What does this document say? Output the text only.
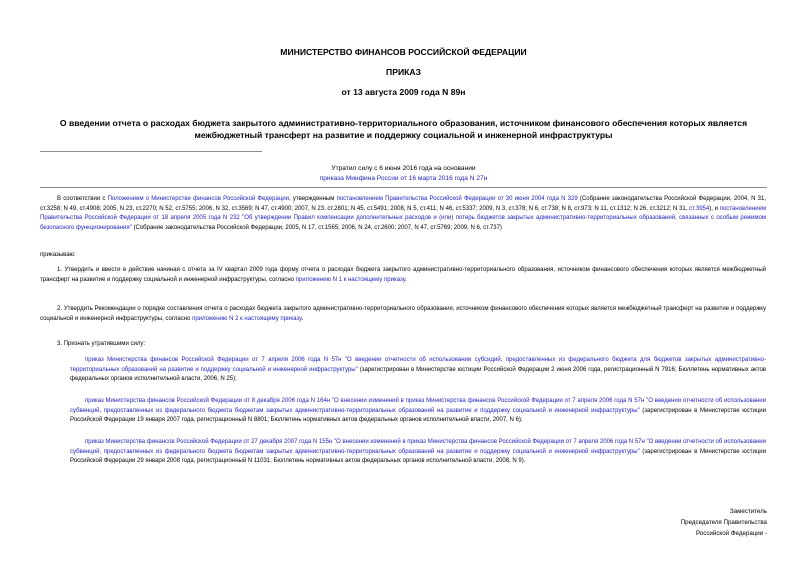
МИНИСТЕРСТВО ФИНАНСОВ РОССИЙСКОЙ ФЕДЕРАЦИИ
ПРИКАЗ
от 13 августа 2009 года N 89н
О введении отчета о расходах бюджета закрытого административно-территориального образования, источником финансового обеспечения которых является
межбюджетный трансферт на развитие и поддержку социальной и инженерной инфраструктуры
Утратил силу с 6 июня 2016 года на основании
приказа Минфина России от 16 марта 2016 года N 27н
В соответствии с Положением о Министерстве финансов Российской Федерации, утвержденным постановлением Правительства Российской Федерации от 30 июня 2004 года N 329 (Собрание законодательства Российской Федерации, 2004, N 31, ст.3258; N 49, ст.4908; 2005, N 23, ст.2270; N 52, ст.5755; 2006, N 32, ст.3569; N 47, ст.4900; 2007, N 23, ст.2801; N 45, ст.5491; 2008, N 5, ст.411; N 46, ст.5337; 2009, N 3, ст.378; N 6, ст.738; N 8, ст.973; N 11, ст.1312; N 26, ст.3212; N 31, ст.3954), и постановлением Правительства Российской Федерации от 18 апреля 2005 года N 232 "Об утверждении Правил компенсации дополнительных расходов и (или) потерь бюджетов закрытых административно-территориальных образований, связанных с особым режимом безопасного функционирования" (Собрание законодательства Российской Федерации, 2005, N 17, ст.1565; 2006, N 24, ст.2600; 2007, N 47, ст.5769; 2009, N 6, ст.737)
приказываю:
1. Утвердить и ввести в действие начиная с отчета за IV квартал 2009 года форму отчета о расходах бюджета закрытого административно-территориального образования, источником финансового обеспечения которых является межбюджетный трансферт на развитие и поддержку социальной и инженерной инфраструктуры, согласно приложению N 1 к настоящему приказу.
2. Утвердить Рекомендации о порядке составления отчета о расходах бюджета закрытого административно-территориального образования, источником финансового обеспечения которых является межбюджетный трансферт на развитие и поддержку социальной и инженерной инфраструктуры, согласно приложению N 2 к настоящему приказу.
3. Признать утратившими силу:
приказ Министерства финансов Российской Федерации от 7 апреля 2006 года N 57н "О введении отчетности об использовании субсидий, предоставленных из федерального бюджета для бюджетов закрытых административно-территориальных образований на развитие и поддержку социальной и инженерной инфраструктуры" (зарегистрирован в Министерстве юстиции Российской Федерации 2 июня 2006 года, регистрационный N 7916; Бюллетень нормативных актов федеральных органов исполнительной власти, 2006, N 25);
приказ Министерства финансов Российской Федерации от 8 декабря 2006 года N 164н "О внесении изменений в приказ Министерства финансов Российской Федерации от 7 апреля 2006 года N 57н "О введении отчетности об использовании субвенций, предоставленных из федерального бюджета бюджетам закрытых административно-территориальных образований на развитие и поддержку социальной и инженерной инфраструктуры" (зарегистрирован в Министерстве юстиции Российской Федерации 19 января 2007 года, регистрационный N 8801; Бюллетень нормативных актов федеральных органов исполнительной власти, 2007, N 6);
приказ Министерства финансов Российской Федерации от 27 декабря 2007 года N 155н "О внесении изменений в приказ Министерства финансов Российской Федерации от 7 апреля 2006 года N 57н "О введении отчетности об использовании субвенций, предоставленных из федерального бюджета бюджетам закрытых административно-территориальных образований на развитие и поддержку социальной и инженерной инфраструктуры" (зарегистрирован в Министерстве юстиции Российской Федерации 29 января 2008 года, регистрационный N 11031; Бюллетень нормативных актов федеральных органов исполнительной власти, 2008, N 9).
Заместитель
Председателя Правительства
Российской Федерации -
